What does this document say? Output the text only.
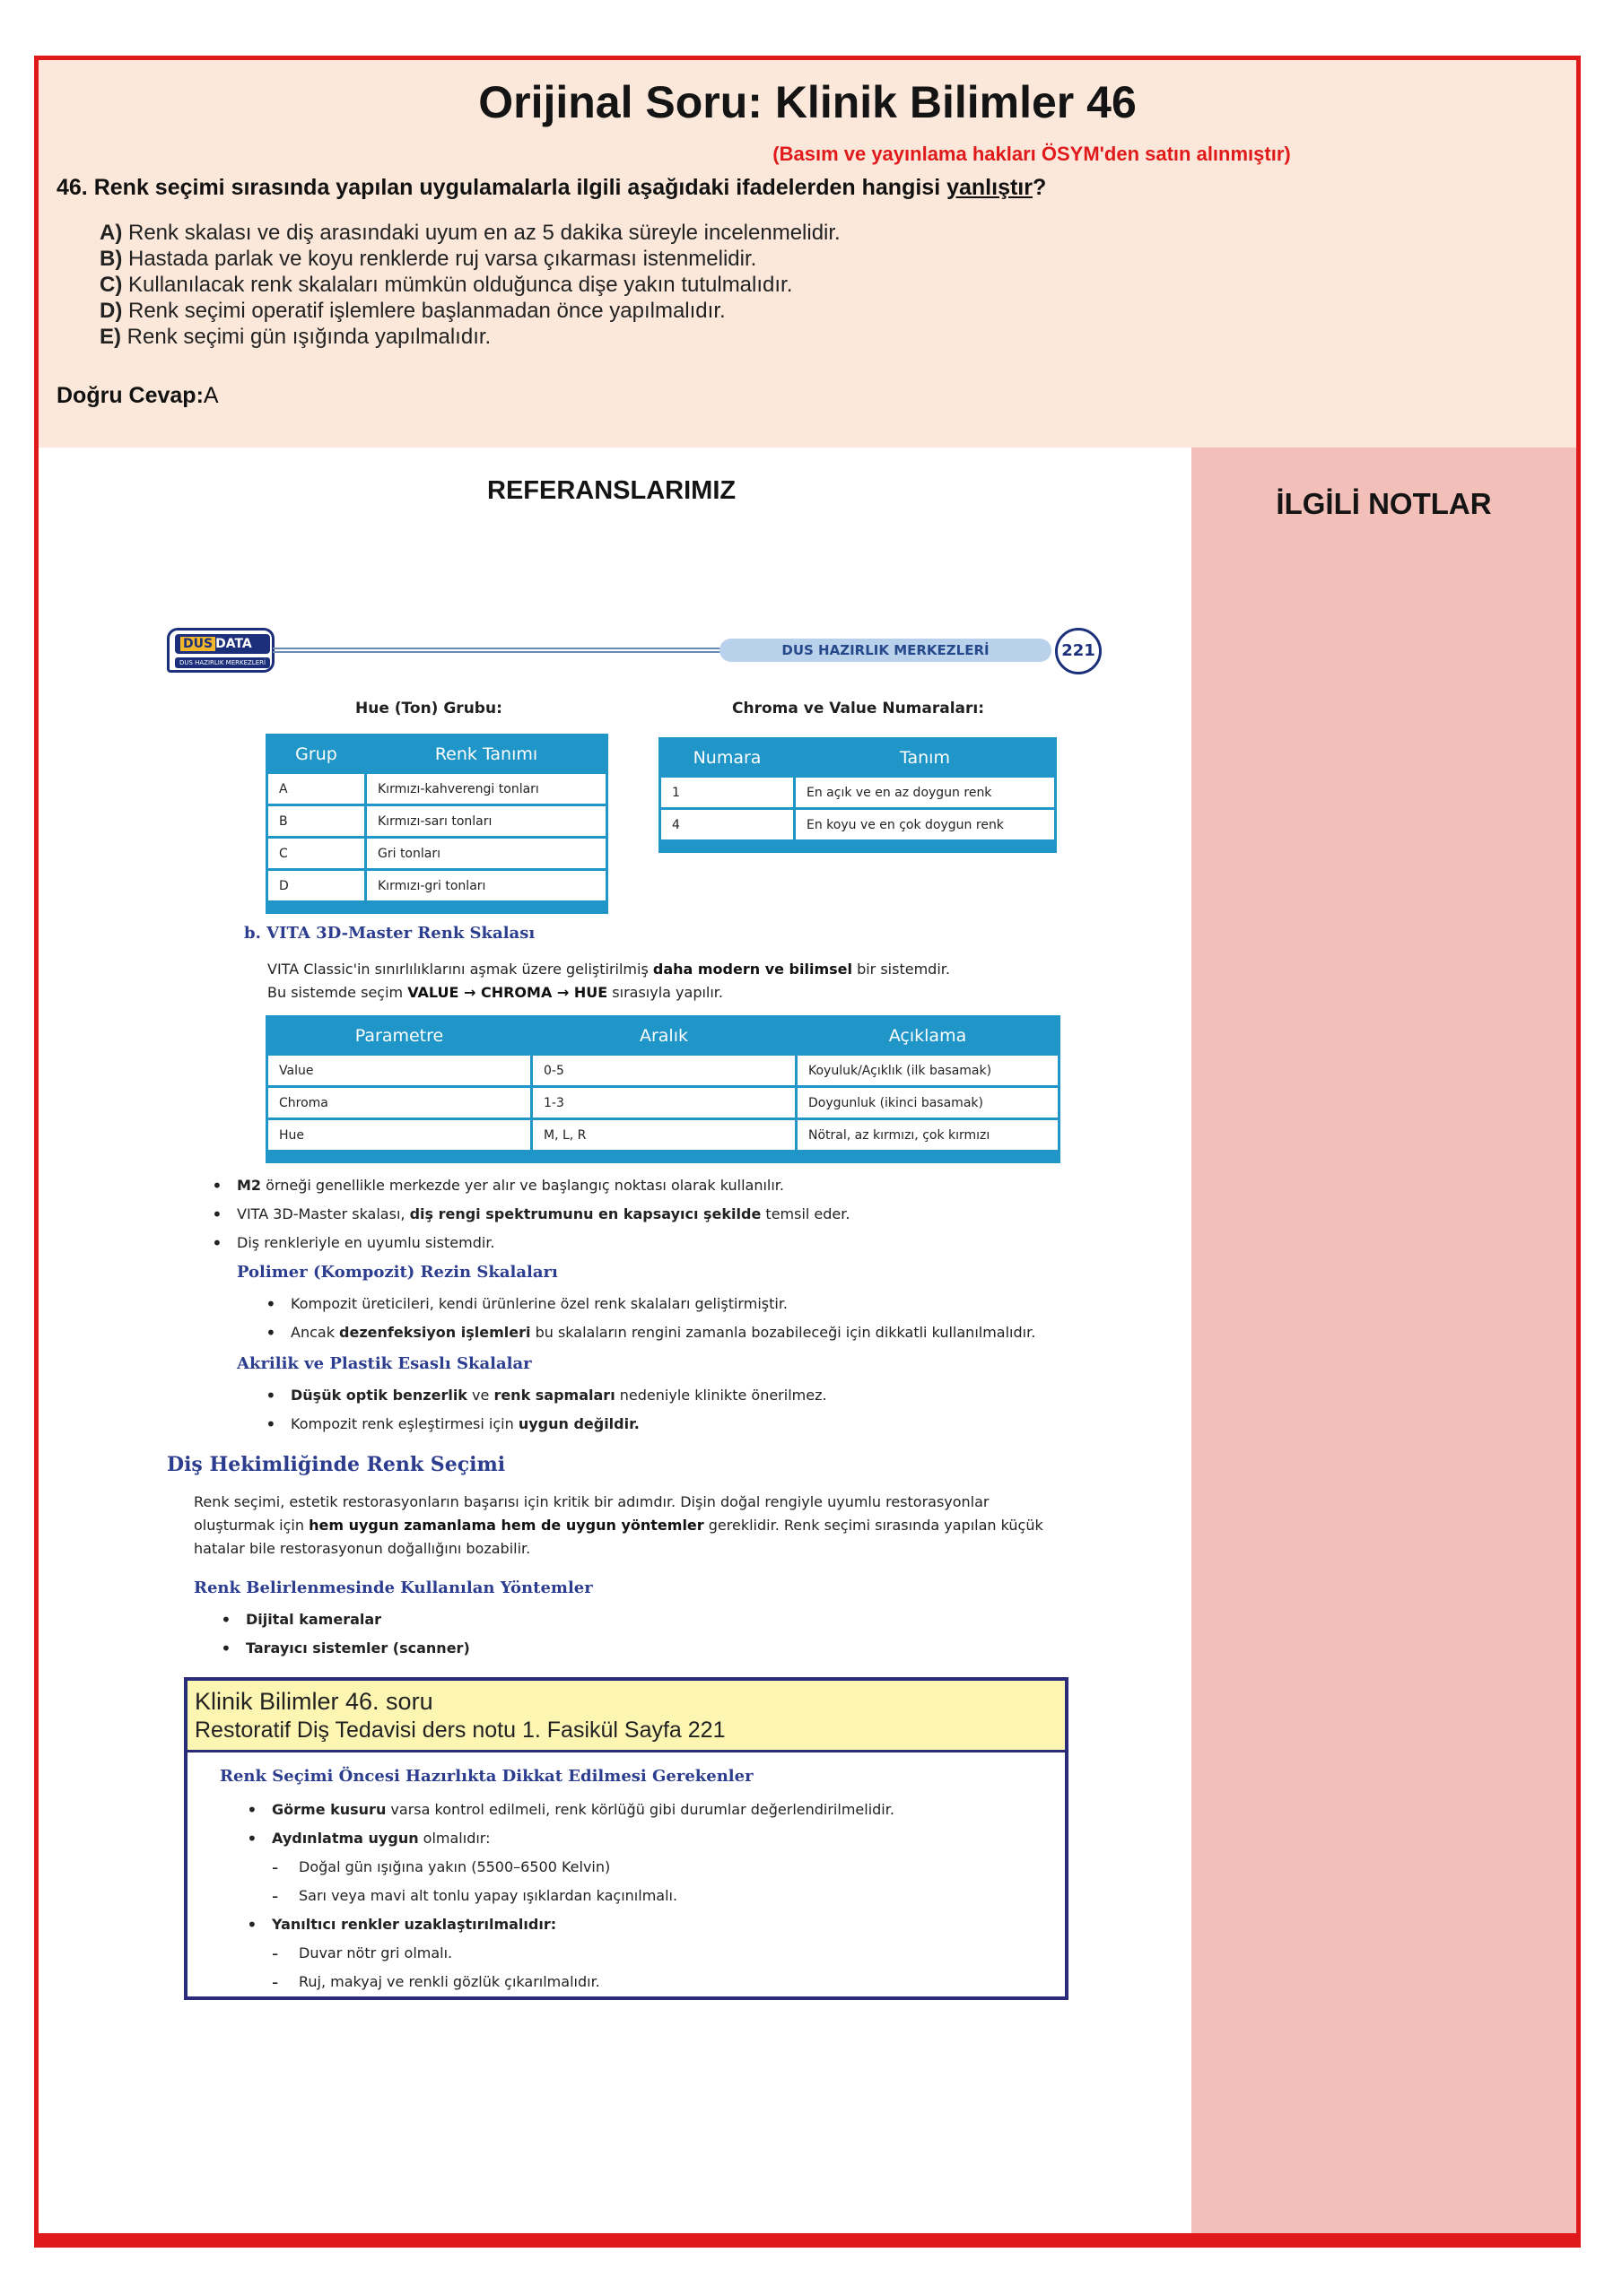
Orijinal Soru: Klinik Bilimler 46
(Basım ve yayınlama hakları ÖSYM'den satın alınmıştır)
46. Renk seçimi sırasında yapılan uygulamalarla ilgili aşağıdaki ifadelerden hangisi yanlıştır?
A) Renk skalası ve diş arasındaki uyum en az 5 dakika süreyle incelenmelidir.
B) Hastada parlak ve koyu renklerde ruj varsa çıkarması istenmelidir.
C) Kullanılacak renk skalaları mümkün olduğunca dişe yakın tutulmalıdır.
D) Renk seçimi operatif işlemlere başlanmadan önce yapılmalıdır.
E) Renk seçimi gün ışığında yapılmalıdır.
Doğru Cevap:A
REFERANSLARIMIZ	İLGİLİ NOTLAR
DUS DATA
DUS HAZIRLIK MERKEZLERİ
DUS HAZIRLIK MERKEZLERİ	221
Hue (Ton) Grubu:
Grup	Renk Tanımı
A	Kırmızı-kahverengi tonları
B	Kırmızı-sarı tonları
C	Gri tonları
D	Kırmızı-gri tonları

Chroma ve Value Numaraları:
Numara	Tanım
1	En açık ve en az doygun renk
4	En koyu ve en çok doygun renk

b. VITA 3D-Master Renk Skalası
VITA Classic'in sınırlılıklarını aşmak üzere geliştirilmiş daha modern ve bilimsel bir sistemdir.
Bu sistemde seçim VALUE → CHROMA → HUE sırasıyla yapılır.
Parametre	Aralık	Açıklama
Value	0-5	Koyuluk/Açıklık (ilk basamak)
Chroma	1-3	Doygunluk (ikinci basamak)
Hue	M, L, R	Nötral, az kırmızı, çok kırmızı

• M2 örneği genellikle merkezde yer alır ve başlangıç noktası olarak kullanılır.
• VITA 3D-Master skalası, diş rengi spektrumunu en kapsayıcı şekilde temsil eder.
• Diş renkleriyle en uyumlu sistemdir.
Polimer (Kompozit) Rezin Skalaları
• Kompozit üreticileri, kendi ürünlerine özel renk skalaları geliştirmiştir.
• Ancak dezenfeksiyon işlemleri bu skalaların rengini zamanla bozabileceği için dikkatli kullanılmalıdır.
Akrilik ve Plastik Esaslı Skalalar
• Düşük optik benzerlik ve renk sapmaları nedeniyle klinikte önerilmez.
• Kompozit renk eşleştirmesi için uygun değildir.
Diş Hekimliğinde Renk Seçimi
Renk seçimi, estetik restorasyonların başarısı için kritik bir adımdır. Dişin doğal rengiyle uyumlu restorasyonlar oluşturmak için hem uygun zamanlama hem de uygun yöntemler gereklidir. Renk seçimi sırasında yapılan küçük hatalar bile restorasyonun doğallığını bozabilir.
Renk Belirlenmesinde Kullanılan Yöntemler
• Dijital kameralar
• Tarayıcı sistemler (scanner)
Klinik Bilimler 46. soru
Restoratif Diş Tedavisi ders notu 1. Fasikül Sayfa 221
Renk Seçimi Öncesi Hazırlıkta Dikkat Edilmesi Gerekenler
• Görme kusuru varsa kontrol edilmeli, renk körlüğü gibi durumlar değerlendirilmelidir.
• Aydınlatma uygun olmalıdır:
- Doğal gün ışığına yakın (5500–6500 Kelvin)
- Sarı veya mavi alt tonlu yapay ışıklardan kaçınılmalı.
• Yanıltıcı renkler uzaklaştırılmalıdır:
- Duvar nötr gri olmalı.
- Ruj, makyaj ve renkli gözlük çıkarılmalıdır.
